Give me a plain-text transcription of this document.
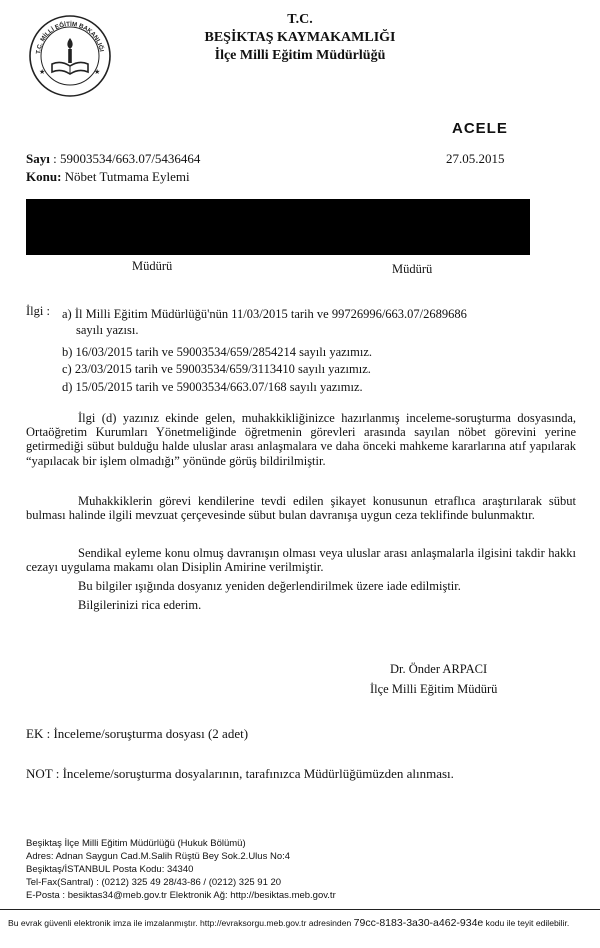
T.C. MİLLİ EĞİTİM BAKANLIĞI
★	★
T.C.
BEŞİKTAŞ KAYMAKAMLIĞI
İlçe Milli Eğitim Müdürlüğü
ACELE
27.05.2015
Sayı : 59003534/663.07/5436464
Konu: Nöbet Tutmama Eylemi
Müdürü	Müdürü
İlgi : a) İl Milli Eğitim Müdürlüğü'nün 11/03/2015 tarih ve 99726996/663.07/2689686
sayılı yazısı.
b) 16/03/2015 tarih ve 59003534/659/2854214 sayılı yazımız.
c) 23/03/2015 tarih ve 59003534/659/3113410 sayılı yazımız.
d) 15/05/2015 tarih ve 59003534/663.07/168 sayılı yazımız.
İlgi (d) yazınız ekinde gelen, muhakkikliğinizce hazırlanmış inceleme-soruşturma dosyasında, Ortaöğretim Kurumları Yönetmeliğinde öğretmenin görevleri arasında sayılan nöbet görevini yerine getirmediği sübut bulduğu halde uluslar arası anlaşmalara ve daha önceki mahkeme kararlarına atıf yapılarak “yapılacak bir işlem olmadığı” yönünde görüş bildirilmiştir.
Muhakkiklerin görevi kendilerine tevdi edilen şikayet konusunun etraflıca araştırılarak sübut bulması halinde ilgili mevzuat çerçevesinde sübut bulan davranışa uygun ceza teklifinde bulunmaktır.
Sendikal eyleme konu olmuş davranışın olması veya uluslar arası anlaşmalarla ilgisini takdir hakkı cezayı uygulama makamı olan Disiplin Amirine verilmiştir.
Bu bilgiler ışığında dosyanız yeniden değerlendirilmek üzere iade edilmiştir.
Bilgilerinizi rica ederim.
Dr. Önder ARPACI
İlçe Milli Eğitim Müdürü
EK : İnceleme/soruşturma dosyası (2 adet)
NOT : İnceleme/soruşturma dosyalarının, tarafınızca Müdürlüğümüzden alınması.
Beşiktaş İlçe Milli Eğitim Müdürlüğü (Hukuk Bölümü)
Adres: Adnan Saygun Cad.M.Salih Rüştü Bey Sok.2.Ulus No:4
Beşiktaş/İSTANBUL Posta Kodu: 34340
Tel-Fax(Santral) : (0212) 325 49 28/43-86 / (0212) 325 91 20
E-Posta : besiktas34@meb.gov.tr Elektronik Ağ: http://besiktas.meb.gov.tr
Bu evrak güvenli elektronik imza ile imzalanmıştır. http://evraksorgu.meb.gov.tr adresinden 79cc-8183-3a30-a462-934e kodu ile teyit edilebilir.
